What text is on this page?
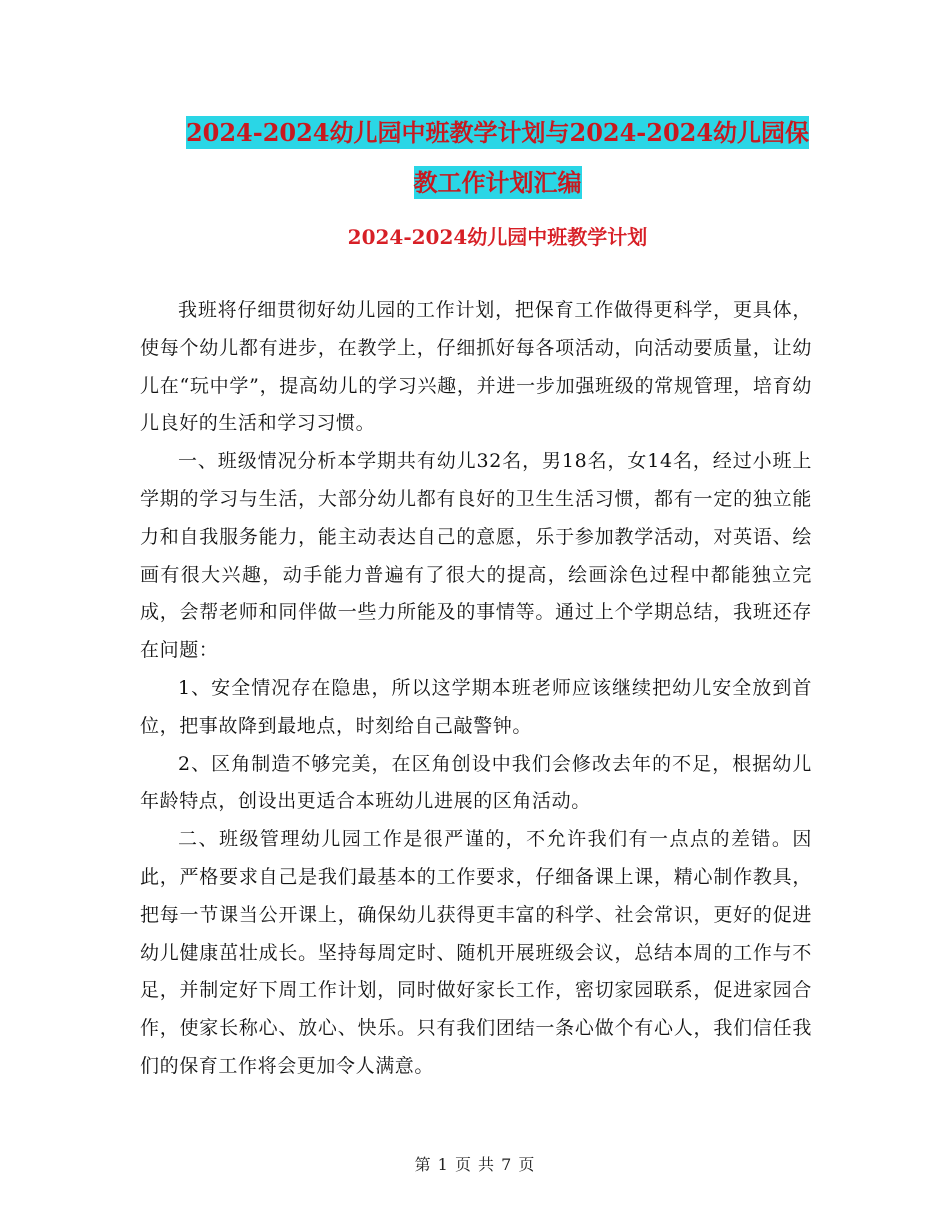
2024-2024幼儿园中班教学计划与2024-2024幼儿园保
教工作计划汇编
2024-2024幼儿园中班教学计划

我班将仔细贯彻好幼儿园的工作计划，把保育工作做得更科学，更具体，使每个幼儿都有进步，在教学上，仔细抓好每各项活动，向活动要质量，让幼儿在“玩中学”，提高幼儿的学习兴趣，并进一步加强班级的常规管理，培育幼儿良好的生活和学习习惯。

一、班级情况分析本学期共有幼儿32名，男18名，女14名，经过小班上学期的学习与生活，大部分幼儿都有良好的卫生生活习惯，都有一定的独立能力和自我服务能力，能主动表达自己的意愿，乐于参加教学活动，对英语、绘画有很大兴趣，动手能力普遍有了很大的提高，绘画涂色过程中都能独立完成，会帮老师和同伴做一些力所能及的事情等。通过上个学期总结，我班还存在问题：

1、安全情况存在隐患，所以这学期本班老师应该继续把幼儿安全放到首位，把事故降到最地点，时刻给自己敲警钟。

2、区角制造不够完美，在区角创设中我们会修改去年的不足，根据幼儿年龄特点，创设出更适合本班幼儿进展的区角活动。

二、班级管理幼儿园工作是很严谨的，不允许我们有一点点的差错。因此，严格要求自己是我们最基本的工作要求，仔细备课上课，精心制作教具，把每一节课当公开课上，确保幼儿获得更丰富的科学、社会常识，更好的促进幼儿健康茁壮成长。坚持每周定时、随机开展班级会议，总结本周的工作与不足，并制定好下周工作计划，同时做好家长工作，密切家园联系，促进家园合作，使家长称心、放心、快乐。只有我们团结一条心做个有心人，我们信任我们的保育工作将会更加令人满意。

第 1 页 共 7 页
